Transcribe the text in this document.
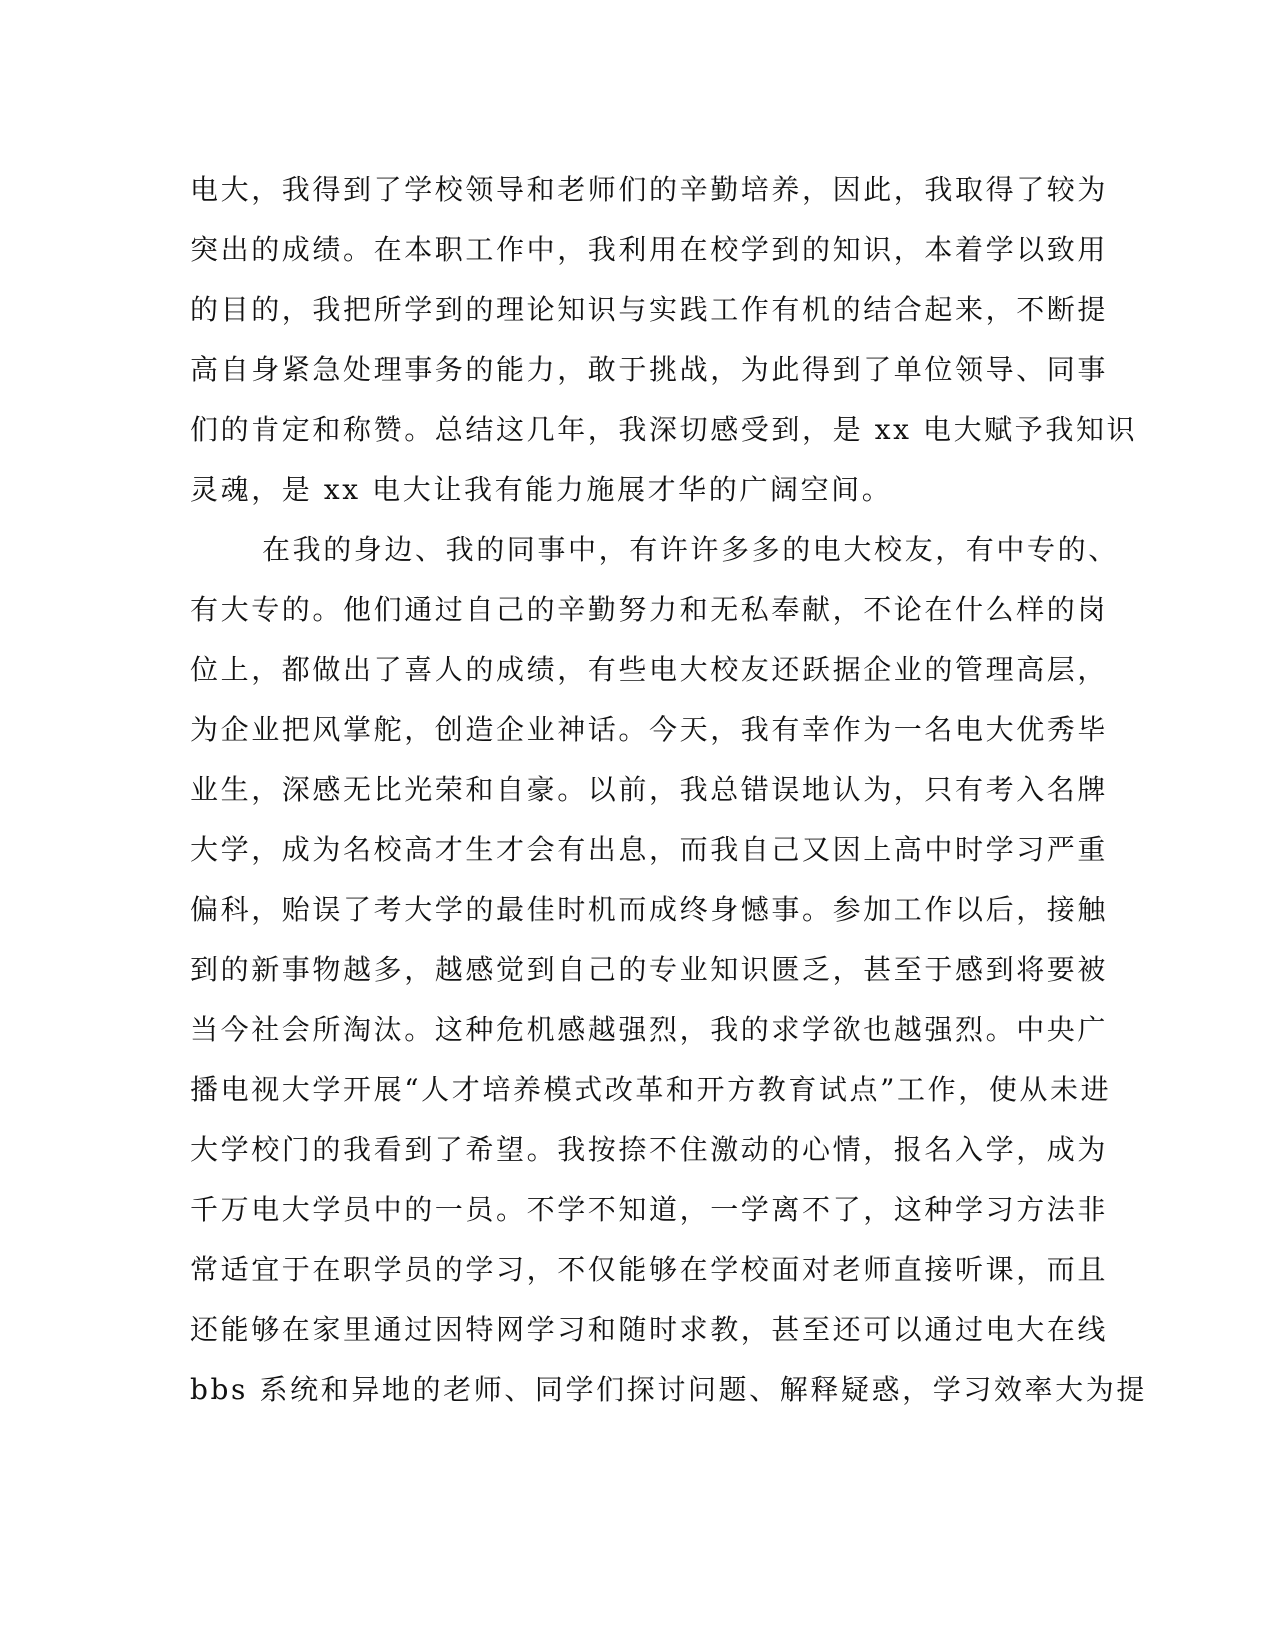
电大，我得到了学校领导和老师们的辛勤培养，因此，我取得了较为
突出的成绩。在本职工作中，我利用在校学到的知识，本着学以致用
的目的，我把所学到的理论知识与实践工作有机的结合起来，不断提
高自身紧急处理事务的能力，敢于挑战，为此得到了单位领导、同事
们的肯定和称赞。总结这几年，我深切感受到，是 xx 电大赋予我知识
灵魂，是 xx 电大让我有能力施展才华的广阔空间。
在我的身边、我的同事中，有许许多多的电大校友，有中专的、
有大专的。他们通过自己的辛勤努力和无私奉献，不论在什么样的岗
位上，都做出了喜人的成绩，有些电大校友还跃据企业的管理高层，
为企业把风掌舵，创造企业神话。今天，我有幸作为一名电大优秀毕
业生，深感无比光荣和自豪。以前，我总错误地认为，只有考入名牌
大学，成为名校高才生才会有出息，而我自己又因上高中时学习严重
偏科，贻误了考大学的最佳时机而成终身憾事。参加工作以后，接触
到的新事物越多，越感觉到自己的专业知识匮乏，甚至于感到将要被
当今社会所淘汰。这种危机感越强烈，我的求学欲也越强烈。中央广
播电视大学开展“人才培养模式改革和开方教育试点”工作，使从未进
大学校门的我看到了希望。我按捺不住激动的心情，报名入学，成为
千万电大学员中的一员。不学不知道，一学离不了，这种学习方法非
常适宜于在职学员的学习，不仅能够在学校面对老师直接听课，而且
还能够在家里通过因特网学习和随时求教，甚至还可以通过电大在线
bbs 系统和异地的老师、同学们探讨问题、解释疑惑，学习效率大为提
